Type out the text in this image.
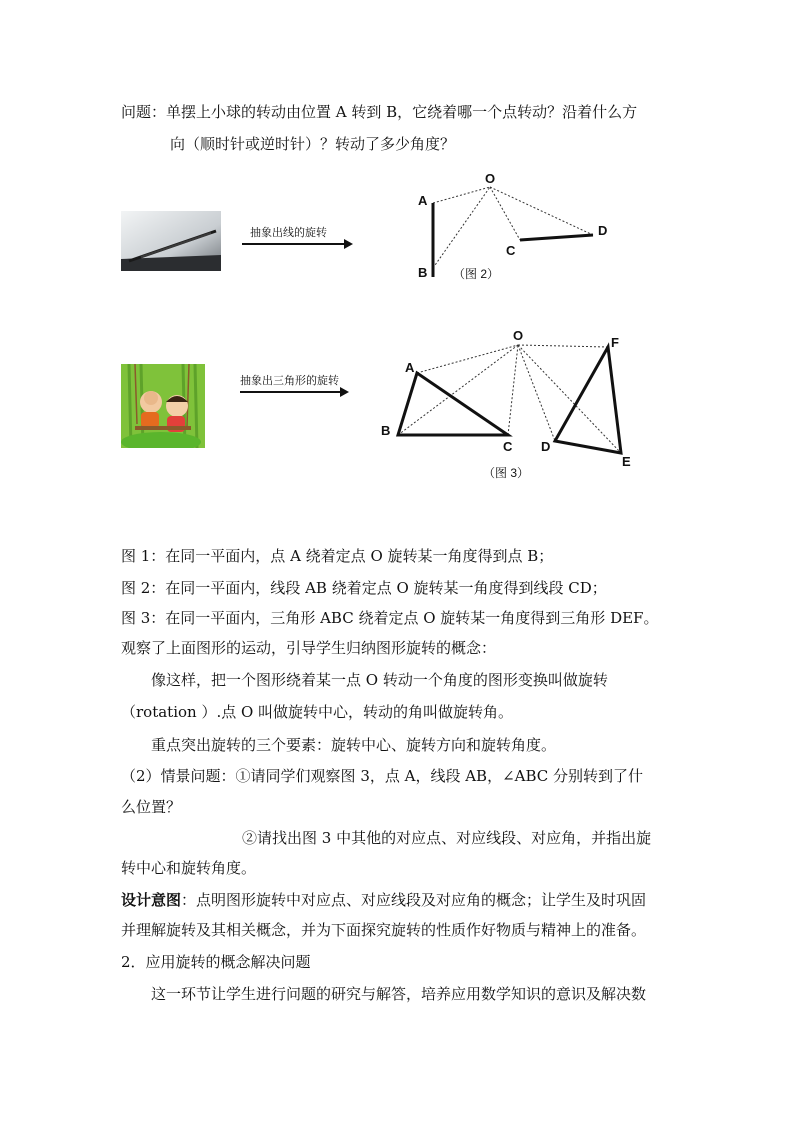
问题：单摆上小球的转动由位置 A 转到 B，它绕着哪一个点转动？沿着什么方
向（顺时针或逆时针）？转动了多少角度？
抽象出线的旋转
O
A
B
C
D
（图 2）
抽象出三角形的旋转
O
A
B
C D
E
F
（图 3）
图 1：在同一平面内，点 A 绕着定点 O 旋转某一角度得到点 B；
图 2：在同一平面内，线段 AB 绕着定点 O 旋转某一角度得到线段 CD；
图 3：在同一平面内，三角形 ABC 绕着定点 O 旋转某一角度得到三角形 DEF。
观察了上面图形的运动，引导学生归纳图形旋转的概念：
像这样，把一个图形绕着某一点 O 转动一个角度的图形变换叫做旋转
（rotation ）.点 O 叫做旋转中心，转动的角叫做旋转角。
重点突出旋转的三个要素：旋转中心、旋转方向和旋转角度。
（2）情景问题：①请同学们观察图 3，点 A，线段 AB，∠ABC 分别转到了什
么位置？
②请找出图 3 中其他的对应点、对应线段、对应角，并指出旋
转中心和旋转角度。
设计意图：点明图形旋转中对应点、对应线段及对应角的概念；让学生及时巩固
并理解旋转及其相关概念，并为下面探究旋转的性质作好物质与精神上的准备。
2．应用旋转的概念解决问题
这一环节让学生进行问题的研究与解答，培养应用数学知识的意识及解决数
